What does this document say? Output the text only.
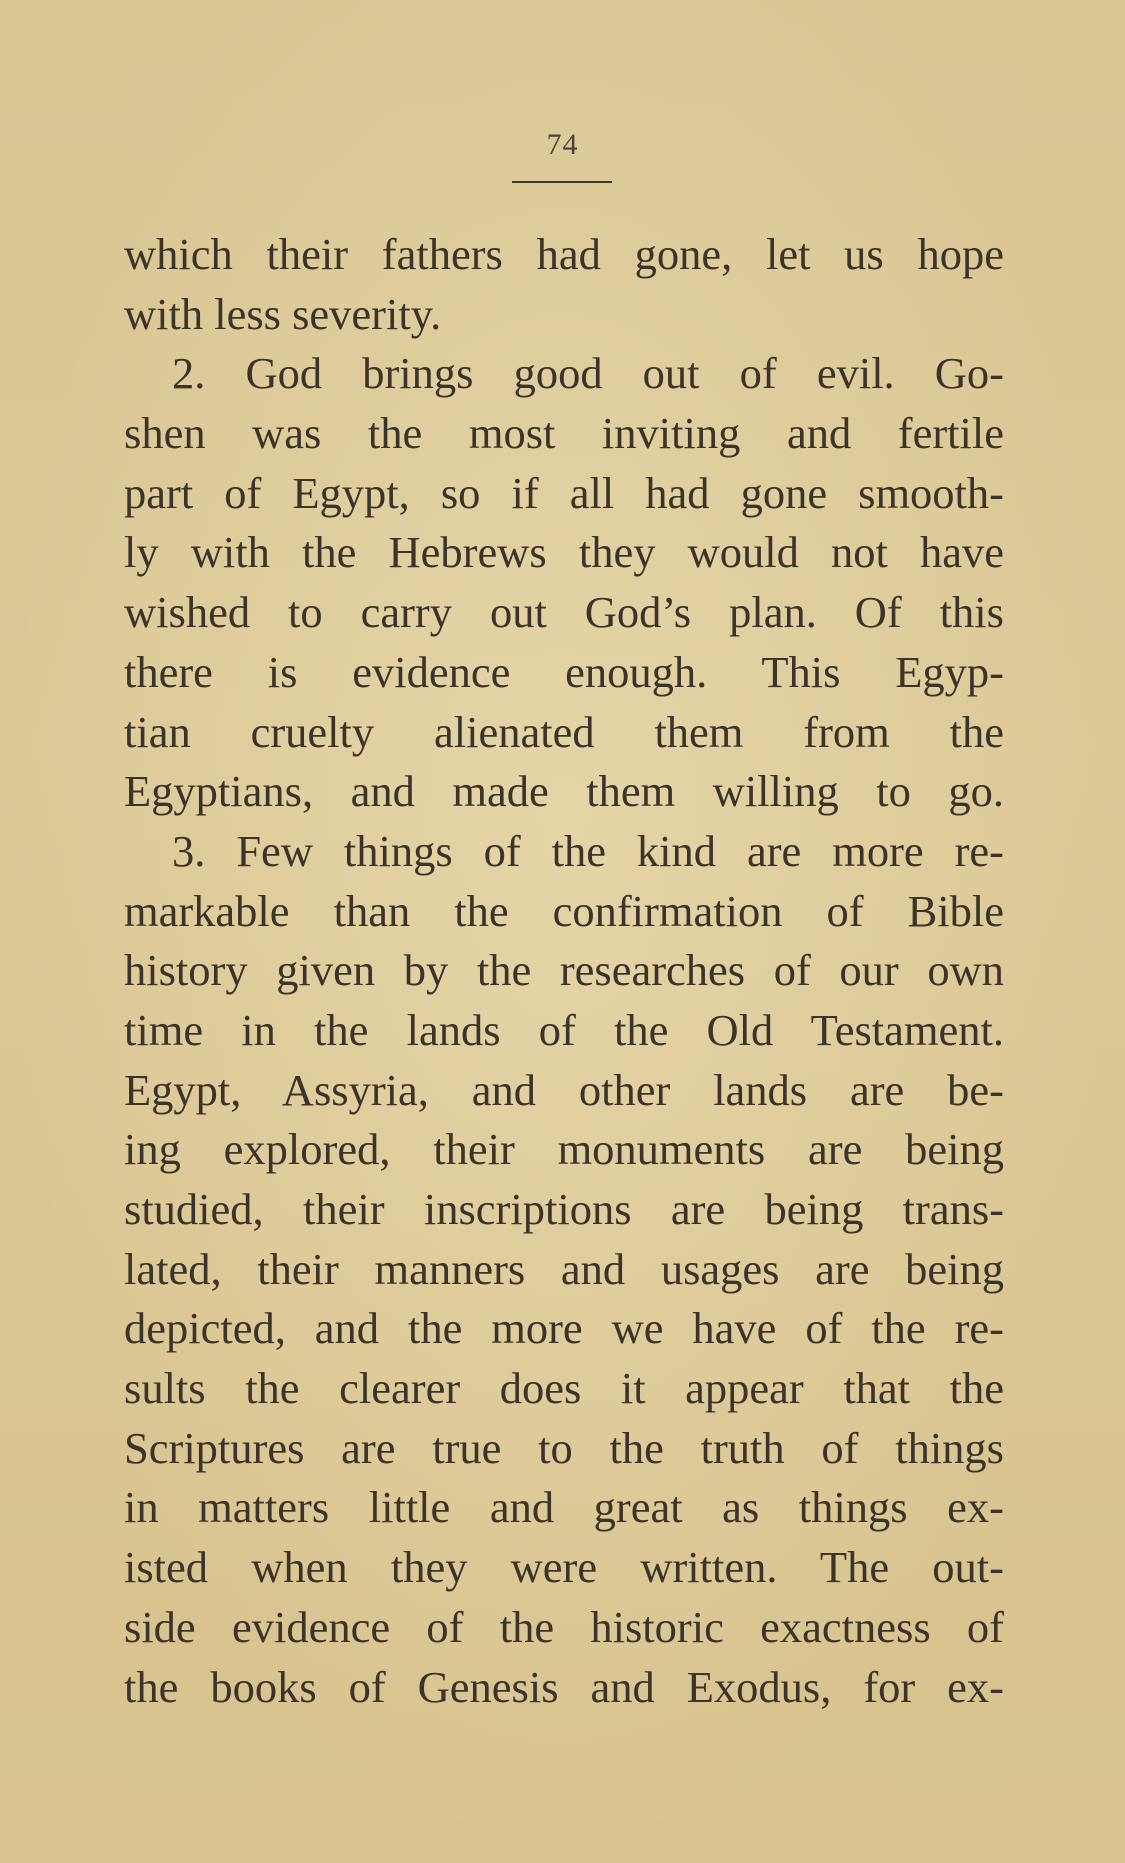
74
which their fathers had gone, let us hope
with less severity.
2. God brings good out of evil. Go-
shen was the most inviting and fertile
part of Egypt, so if all had gone smooth-
ly with the Hebrews they would not have
wished to carry out God’s plan. Of this
there is evidence enough. This Egyp-
tian cruelty alienated them from the
Egyptians, and made them willing to go.
3. Few things of the kind are more re-
markable than the confirmation of Bible
history given by the researches of our own
time in the lands of the Old Testament.
Egypt, Assyria, and other lands are be-
ing explored, their monuments are being
studied, their inscriptions are being trans-
lated, their manners and usages are being
depicted, and the more we have of the re-
sults the clearer does it appear that the
Scriptures are true to the truth of things
in matters little and great as things ex-
isted when they were written. The out-
side evidence of the historic exactness of
the books of Genesis and Exodus, for ex-
